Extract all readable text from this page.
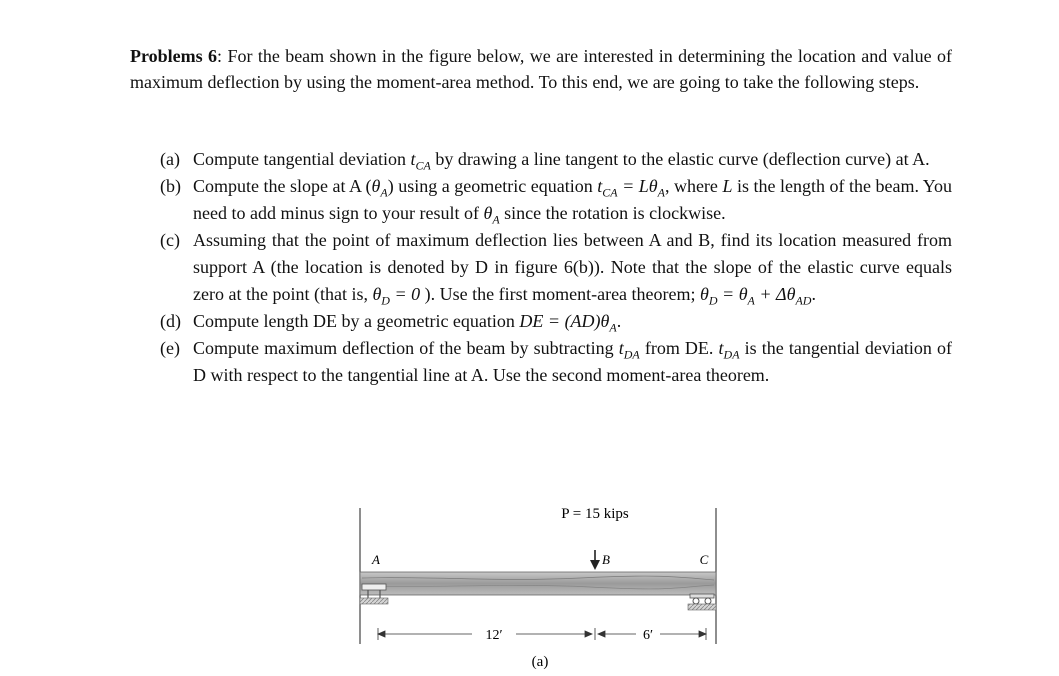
Problems 6: For the beam shown in the figure below, we are interested in determining the location and value of maximum deflection by using the moment-area method. To this end, we are going to take the following steps.
(a) Compute tangential deviation $t_{CA}$ by drawing a line tangent to the elastic curve (deflection curve) at A.
(b) Compute the slope at A $(\theta_A)$ using a geometric equation $t_{CA} = L\theta_A$, where L is the length of the beam. You need to add minus sign to your result of $\theta_A$ since the rotation is clockwise.
(c) Assuming that the point of maximum deflection lies between A and B, find its location measured from support A (the location is denoted by D in figure 6(b)). Note that the slope of the elastic curve equals zero at the point (that is, $\theta_D = 0$ ). Use the first moment-area theorem; $\theta_D = \theta_A + \Delta\theta_{AD}$.
(d) Compute length DE by a geometric equation DE = $(AD)\theta_A$.
(e) Compute maximum deflection of the beam by subtracting $t_{DA}$ from DE. $t_{DA}$ is the tangential deviation of D with respect to the tangential line at A. Use the second moment-area theorem.
P = 15 kips
A	B	C
12′	6′
(a)
